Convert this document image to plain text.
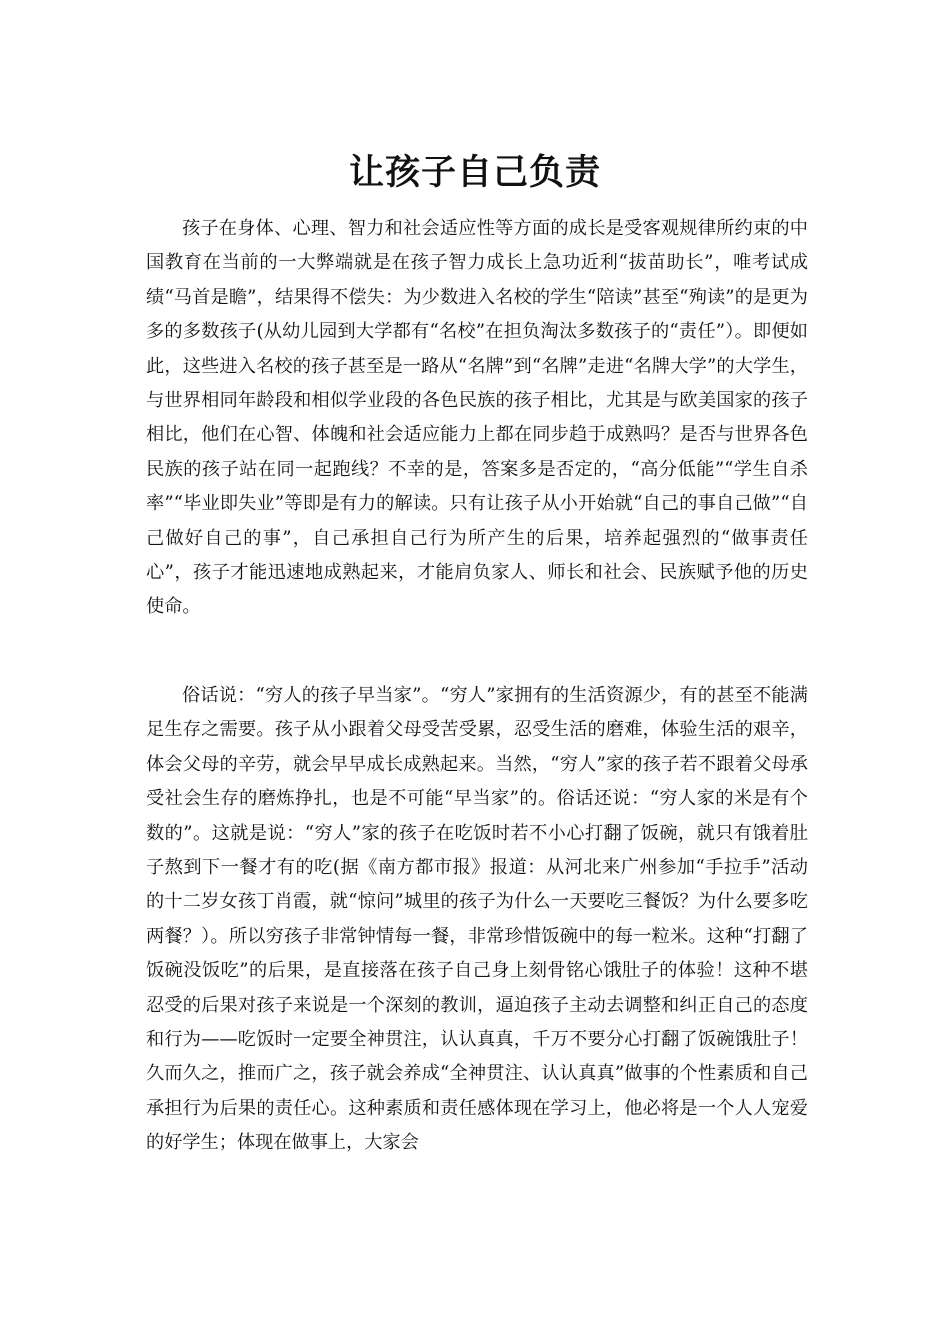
让孩子自己负责

孩子在身体、心理、智力和社会适应性等方面的成长是受客观规律所约束的中国教育在当前的一大弊端就是在孩子智力成长上急功近利“拔苗助长”，唯考试成绩“马首是瞻”，结果得不偿失：为少数进入名校的学生“陪读”甚至“殉读”的是更为多的多数孩子(从幼儿园到大学都有“名校”在担负淘汰多数孩子的“责任”）。即便如此，这些进入名校的孩子甚至是一路从“名牌”到“名牌”走进“名牌大学”的大学生，与世界相同年龄段和相似学业段的各色民族的孩子相比，尤其是与欧美国家的孩子相比，他们在心智、体魄和社会适应能力上都在同步趋于成熟吗？是否与世界各色民族的孩子站在同一起跑线？不幸的是，答案多是否定的，“高分低能”“学生自杀率”“毕业即失业”等即是有力的解读。只有让孩子从小开始就“自己的事自己做”“自己做好自己的事”，自己承担自己行为所产生的后果，培养起强烈的“做事责任心”，孩子才能迅速地成熟起来，才能肩负家人、师长和社会、民族赋予他的历史使命。

俗话说：“穷人的孩子早当家”。“穷人”家拥有的生活资源少，有的甚至不能满足生存之需要。孩子从小跟着父母受苦受累，忍受生活的磨难，体验生活的艰辛，体会父母的辛劳，就会早早成长成熟起来。当然，“穷人”家的孩子若不跟着父母承受社会生存的磨炼挣扎，也是不可能“早当家”的。俗话还说：“穷人家的米是有个数的”。这就是说：“穷人”家的孩子在吃饭时若不小心打翻了饭碗，就只有饿着肚子熬到下一餐才有的吃(据《南方都市报》报道：从河北来广州参加“手拉手”活动的十二岁女孩丁肖霞，就“惊问”城里的孩子为什么一天要吃三餐饭？为什么要多吃两餐？）。所以穷孩子非常钟情每一餐，非常珍惜饭碗中的每一粒米。这种“打翻了饭碗没饭吃”的后果，是直接落在孩子自己身上刻骨铭心饿肚子的体验！这种不堪忍受的后果对孩子来说是一个深刻的教训，逼迫孩子主动去调整和纠正自己的态度和行为——吃饭时一定要全神贯注，认认真真，千万不要分心打翻了饭碗饿肚子！久而久之，推而广之，孩子就会养成“全神贯注、认认真真”做事的个性素质和自己承担行为后果的责任心。这种素质和责任感体现在学习上，他必将是一个人人宠爱的好学生；体现在做事上，大家会
